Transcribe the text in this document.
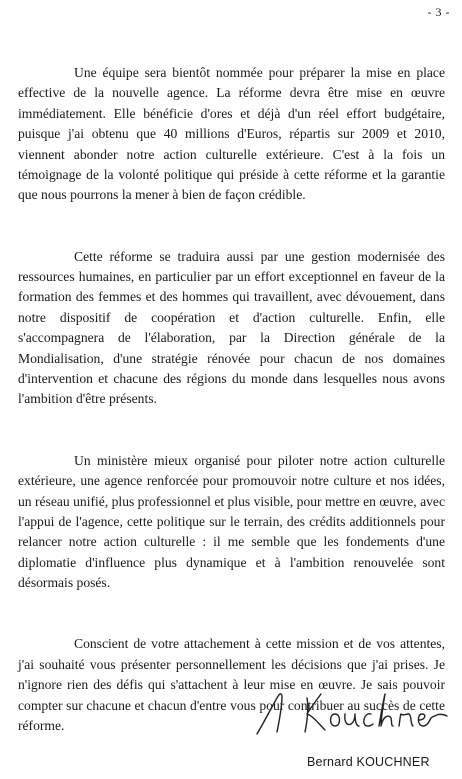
- 3 -

Une équipe sera bientôt nommée pour préparer la mise en place effective de la nouvelle agence. La réforme devra être mise en œuvre immédiatement. Elle bénéficie d'ores et déjà d'un réel effort budgétaire, puisque j'ai obtenu que 40 millions d'Euros, répartis sur 2009 et 2010, viennent abonder notre action culturelle extérieure. C'est à la fois un témoignage de la volonté politique qui préside à cette réforme et la garantie que nous pourrons la mener à bien de façon crédible.

Cette réforme se traduira aussi par une gestion modernisée des ressources humaines, en particulier par un effort exceptionnel en faveur de la formation des femmes et des hommes qui travaillent, avec dévouement, dans notre dispositif de coopération et d'action culturelle. Enfin, elle s'accompagnera de l'élaboration, par la Direction générale de la Mondialisation, d'une stratégie rénovée pour chacun de nos domaines d'intervention et chacune des régions du monde dans lesquelles nous avons l'ambition d'être présents.

Un ministère mieux organisé pour piloter notre action culturelle extérieure, une agence renforcée pour promouvoir notre culture et nos idées, un réseau unifié, plus professionnel et plus visible, pour mettre en œuvre, avec l'appui de l'agence, cette politique sur le terrain, des crédits additionnels pour relancer notre action culturelle : il me semble que les fondements d'une diplomatie d'influence plus dynamique et à l'ambition renouvelée sont désormais posés.

Conscient de votre attachement à cette mission et de vos attentes, j'ai souhaité vous présenter personnellement les décisions que j'ai prises. Je n'ignore rien des défis qui s'attachent à leur mise en œuvre. Je sais pouvoir compter sur chacune et chacun d'entre vous pour contribuer au succès de cette réforme.

Bernard KOUCHNER
